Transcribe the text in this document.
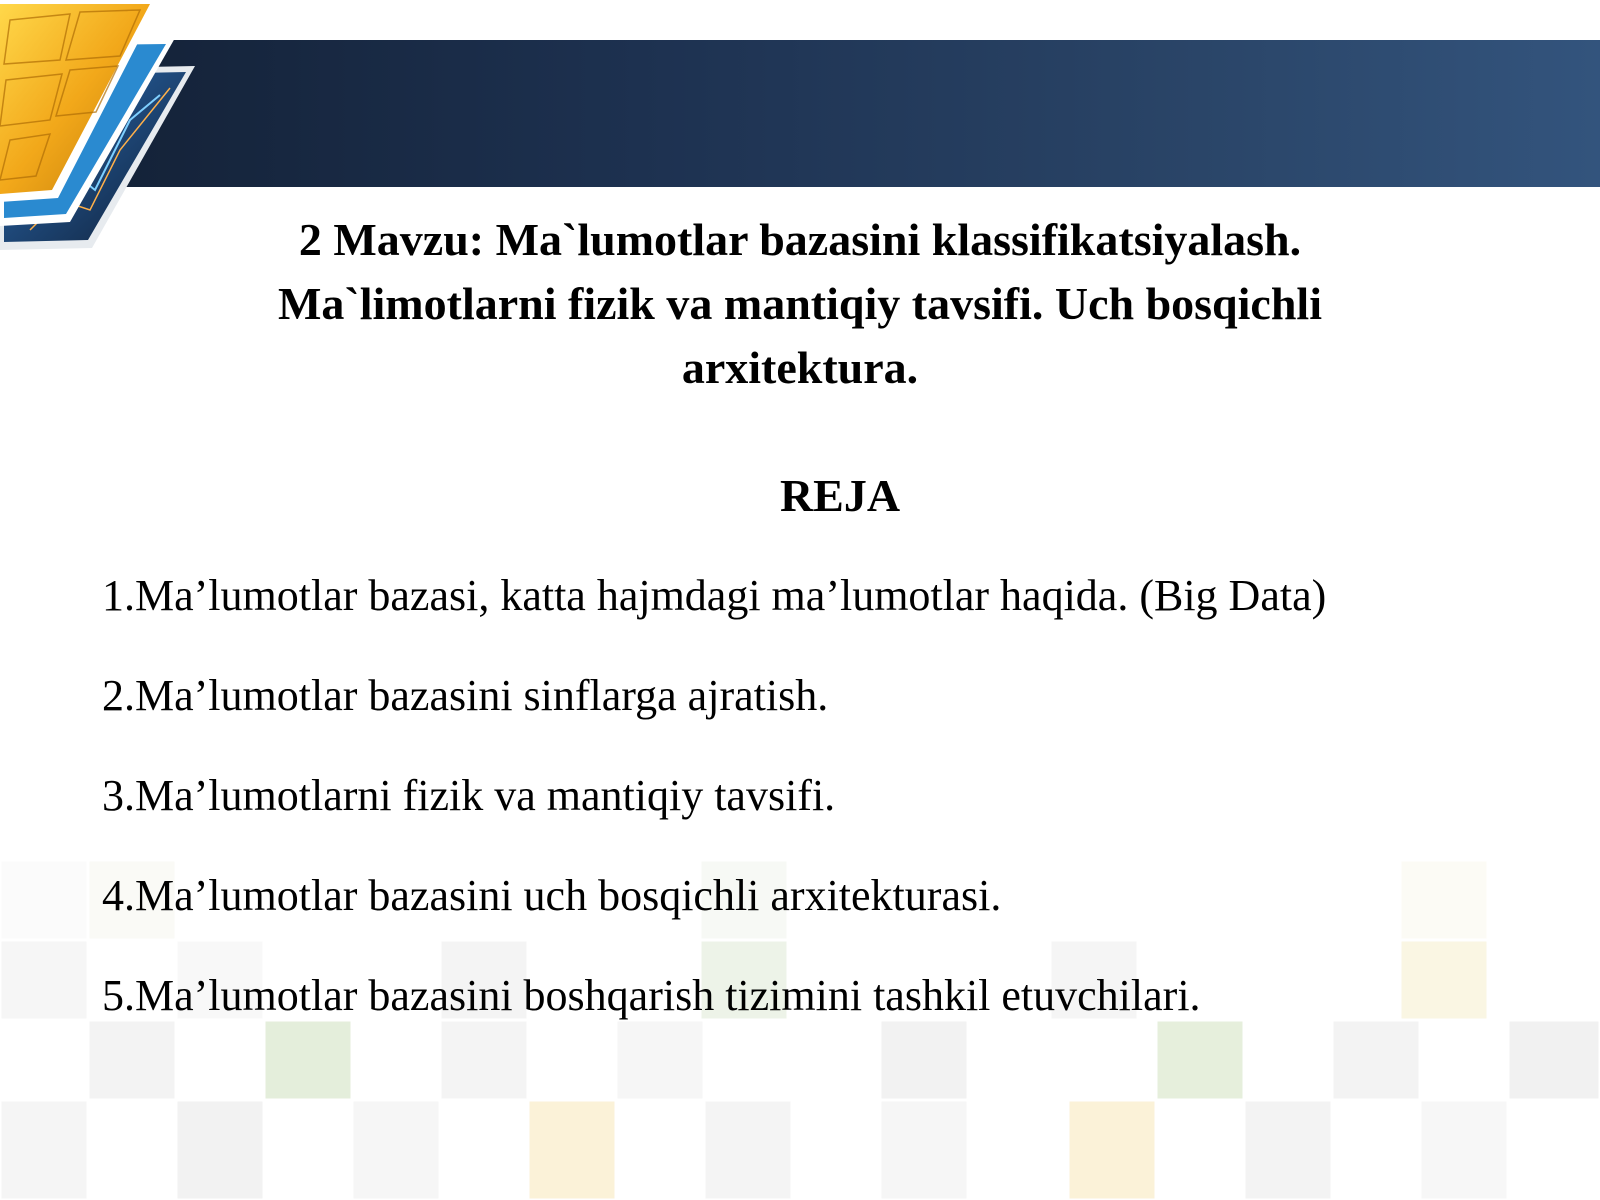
2 Mavzu: Ma`lumotlar bazasini klassifikatsiyalash.
Ma`limotlarni fizik va mantiqiy tavsifi. Uch bosqichli
arxitektura.
REJA
1.Ma’lumotlar bazasi, katta hajmdagi ma’lumotlar haqida. (Big Data)
2.Ma’lumotlar bazasini sinflarga ajratish.
3.Ma’lumotlarni fizik va mantiqiy tavsifi.
4.Ma’lumotlar bazasini uch bosqichli arxitekturasi.
5.Ma’lumotlar bazasini boshqarish tizimini tashkil etuvchilari.
